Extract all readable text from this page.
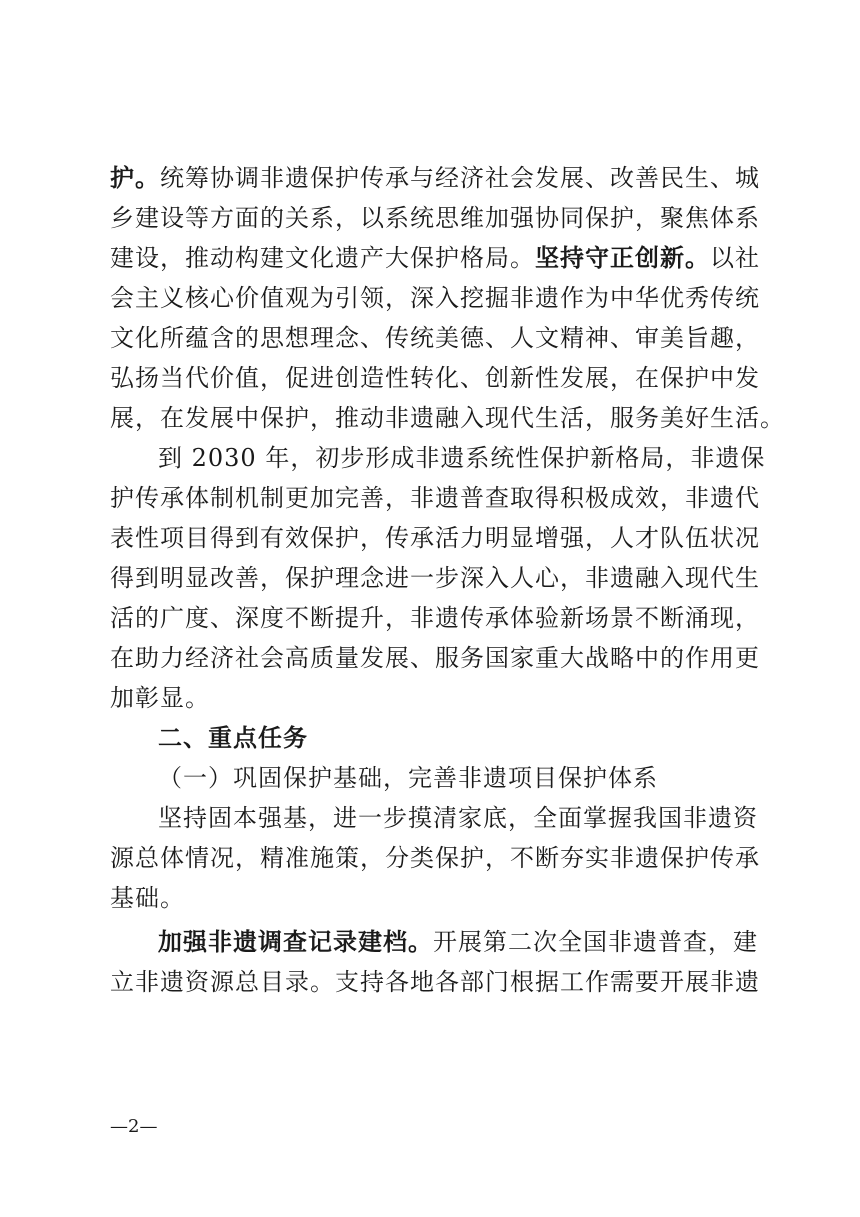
护。统筹协调非遗保护传承与经济社会发展、改善民生、城
乡建设等方面的关系，以系统思维加强协同保护，聚焦体系
建设，推动构建文化遗产大保护格局。坚持守正创新。以社
会主义核心价值观为引领，深入挖掘非遗作为中华优秀传统
文化所蕴含的思想理念、传统美德、人文精神、审美旨趣，
弘扬当代价值，促进创造性转化、创新性发展，在保护中发
展，在发展中保护，推动非遗融入现代生活，服务美好生活。
到 2030 年，初步形成非遗系统性保护新格局，非遗保
护传承体制机制更加完善，非遗普查取得积极成效，非遗代
表性项目得到有效保护，传承活力明显增强，人才队伍状况
得到明显改善，保护理念进一步深入人心，非遗融入现代生
活的广度、深度不断提升，非遗传承体验新场景不断涌现，
在助力经济社会高质量发展、服务国家重大战略中的作用更
加彰显。
二、重点任务
（一）巩固保护基础，完善非遗项目保护体系
坚持固本强基，进一步摸清家底，全面掌握我国非遗资
源总体情况，精准施策，分类保护，不断夯实非遗保护传承
基础。
加强非遗调查记录建档。开展第二次全国非遗普查，建
立非遗资源总目录。支持各地各部门根据工作需要开展非遗
—2—
